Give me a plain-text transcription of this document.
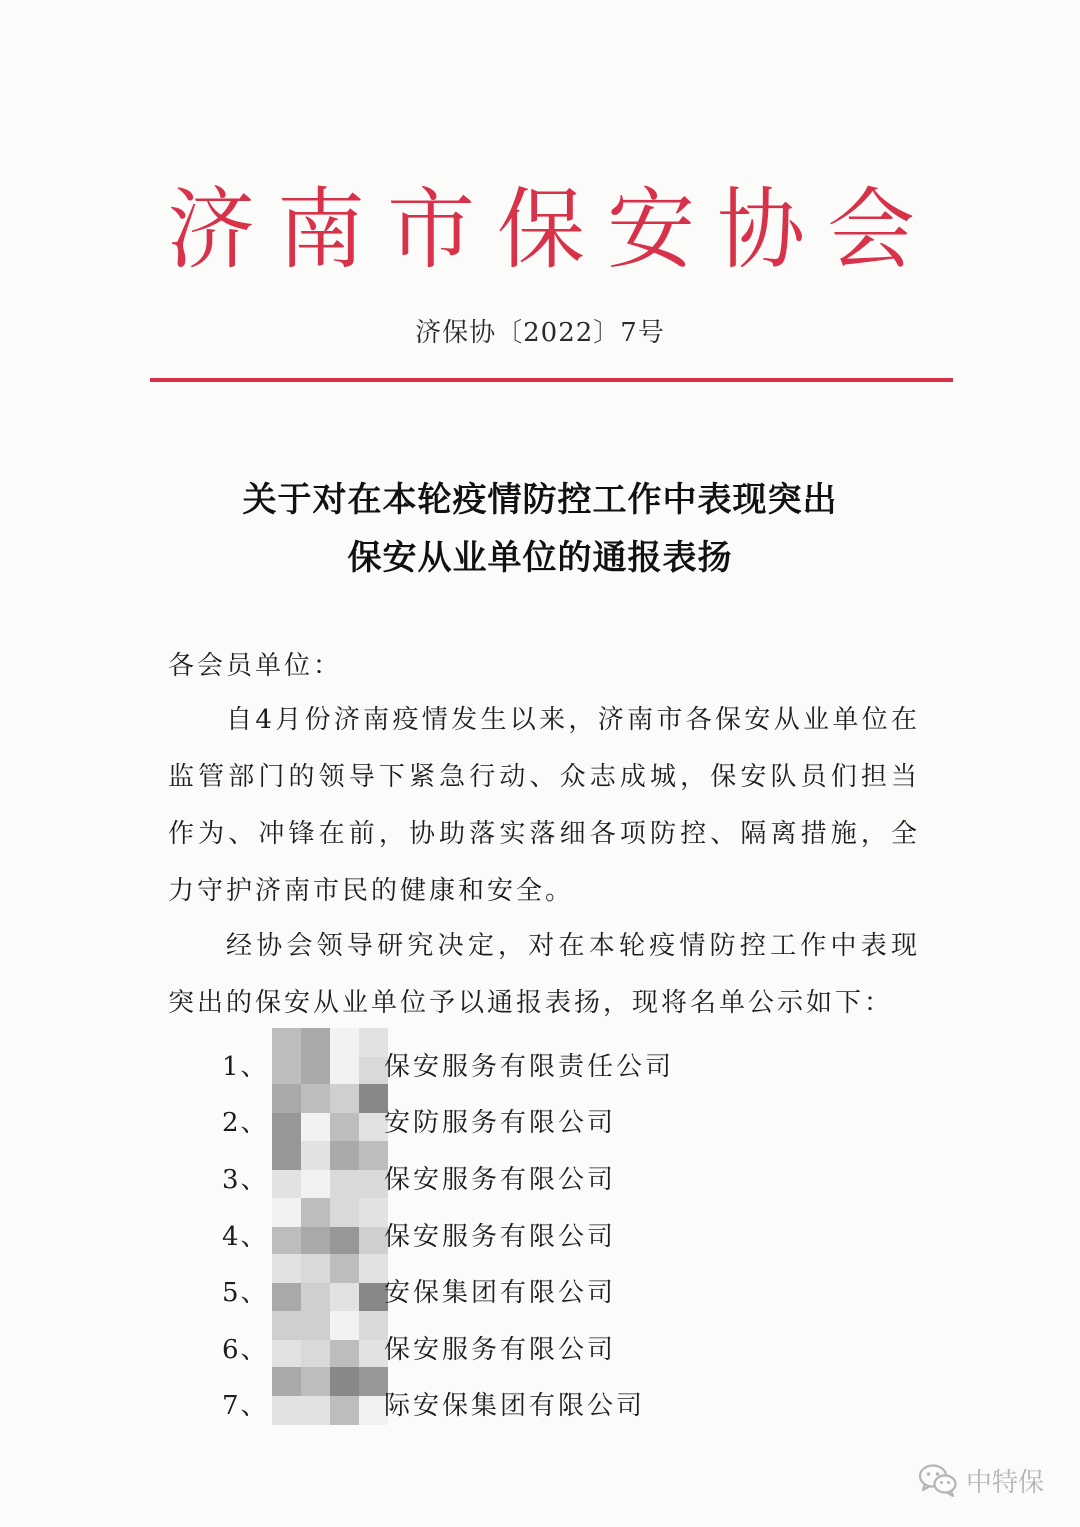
济南市保安协会
济保协〔2022〕7号
关于对在本轮疫情防控工作中表现突出
保安从业单位的通报表扬
各会员单位：
自4月份济南疫情发生以来，济南市各保安从业单位在监管部门的领导下紧急行动、众志成城，保安队员们担当作为、冲锋在前，协助落实落细各项防控、隔离措施，全力守护济南市民的健康和安全。
经协会领导研究决定，对在本轮疫情防控工作中表现突出的保安从业单位予以通报表扬，现将名单公示如下：
1、	保安服务有限责任公司
2、	安防服务有限公司
3、	保安服务有限公司
4、	保安服务有限公司
5、	安保集团有限公司
6、	保安服务有限公司
7、	际安保集团有限公司
中特保
